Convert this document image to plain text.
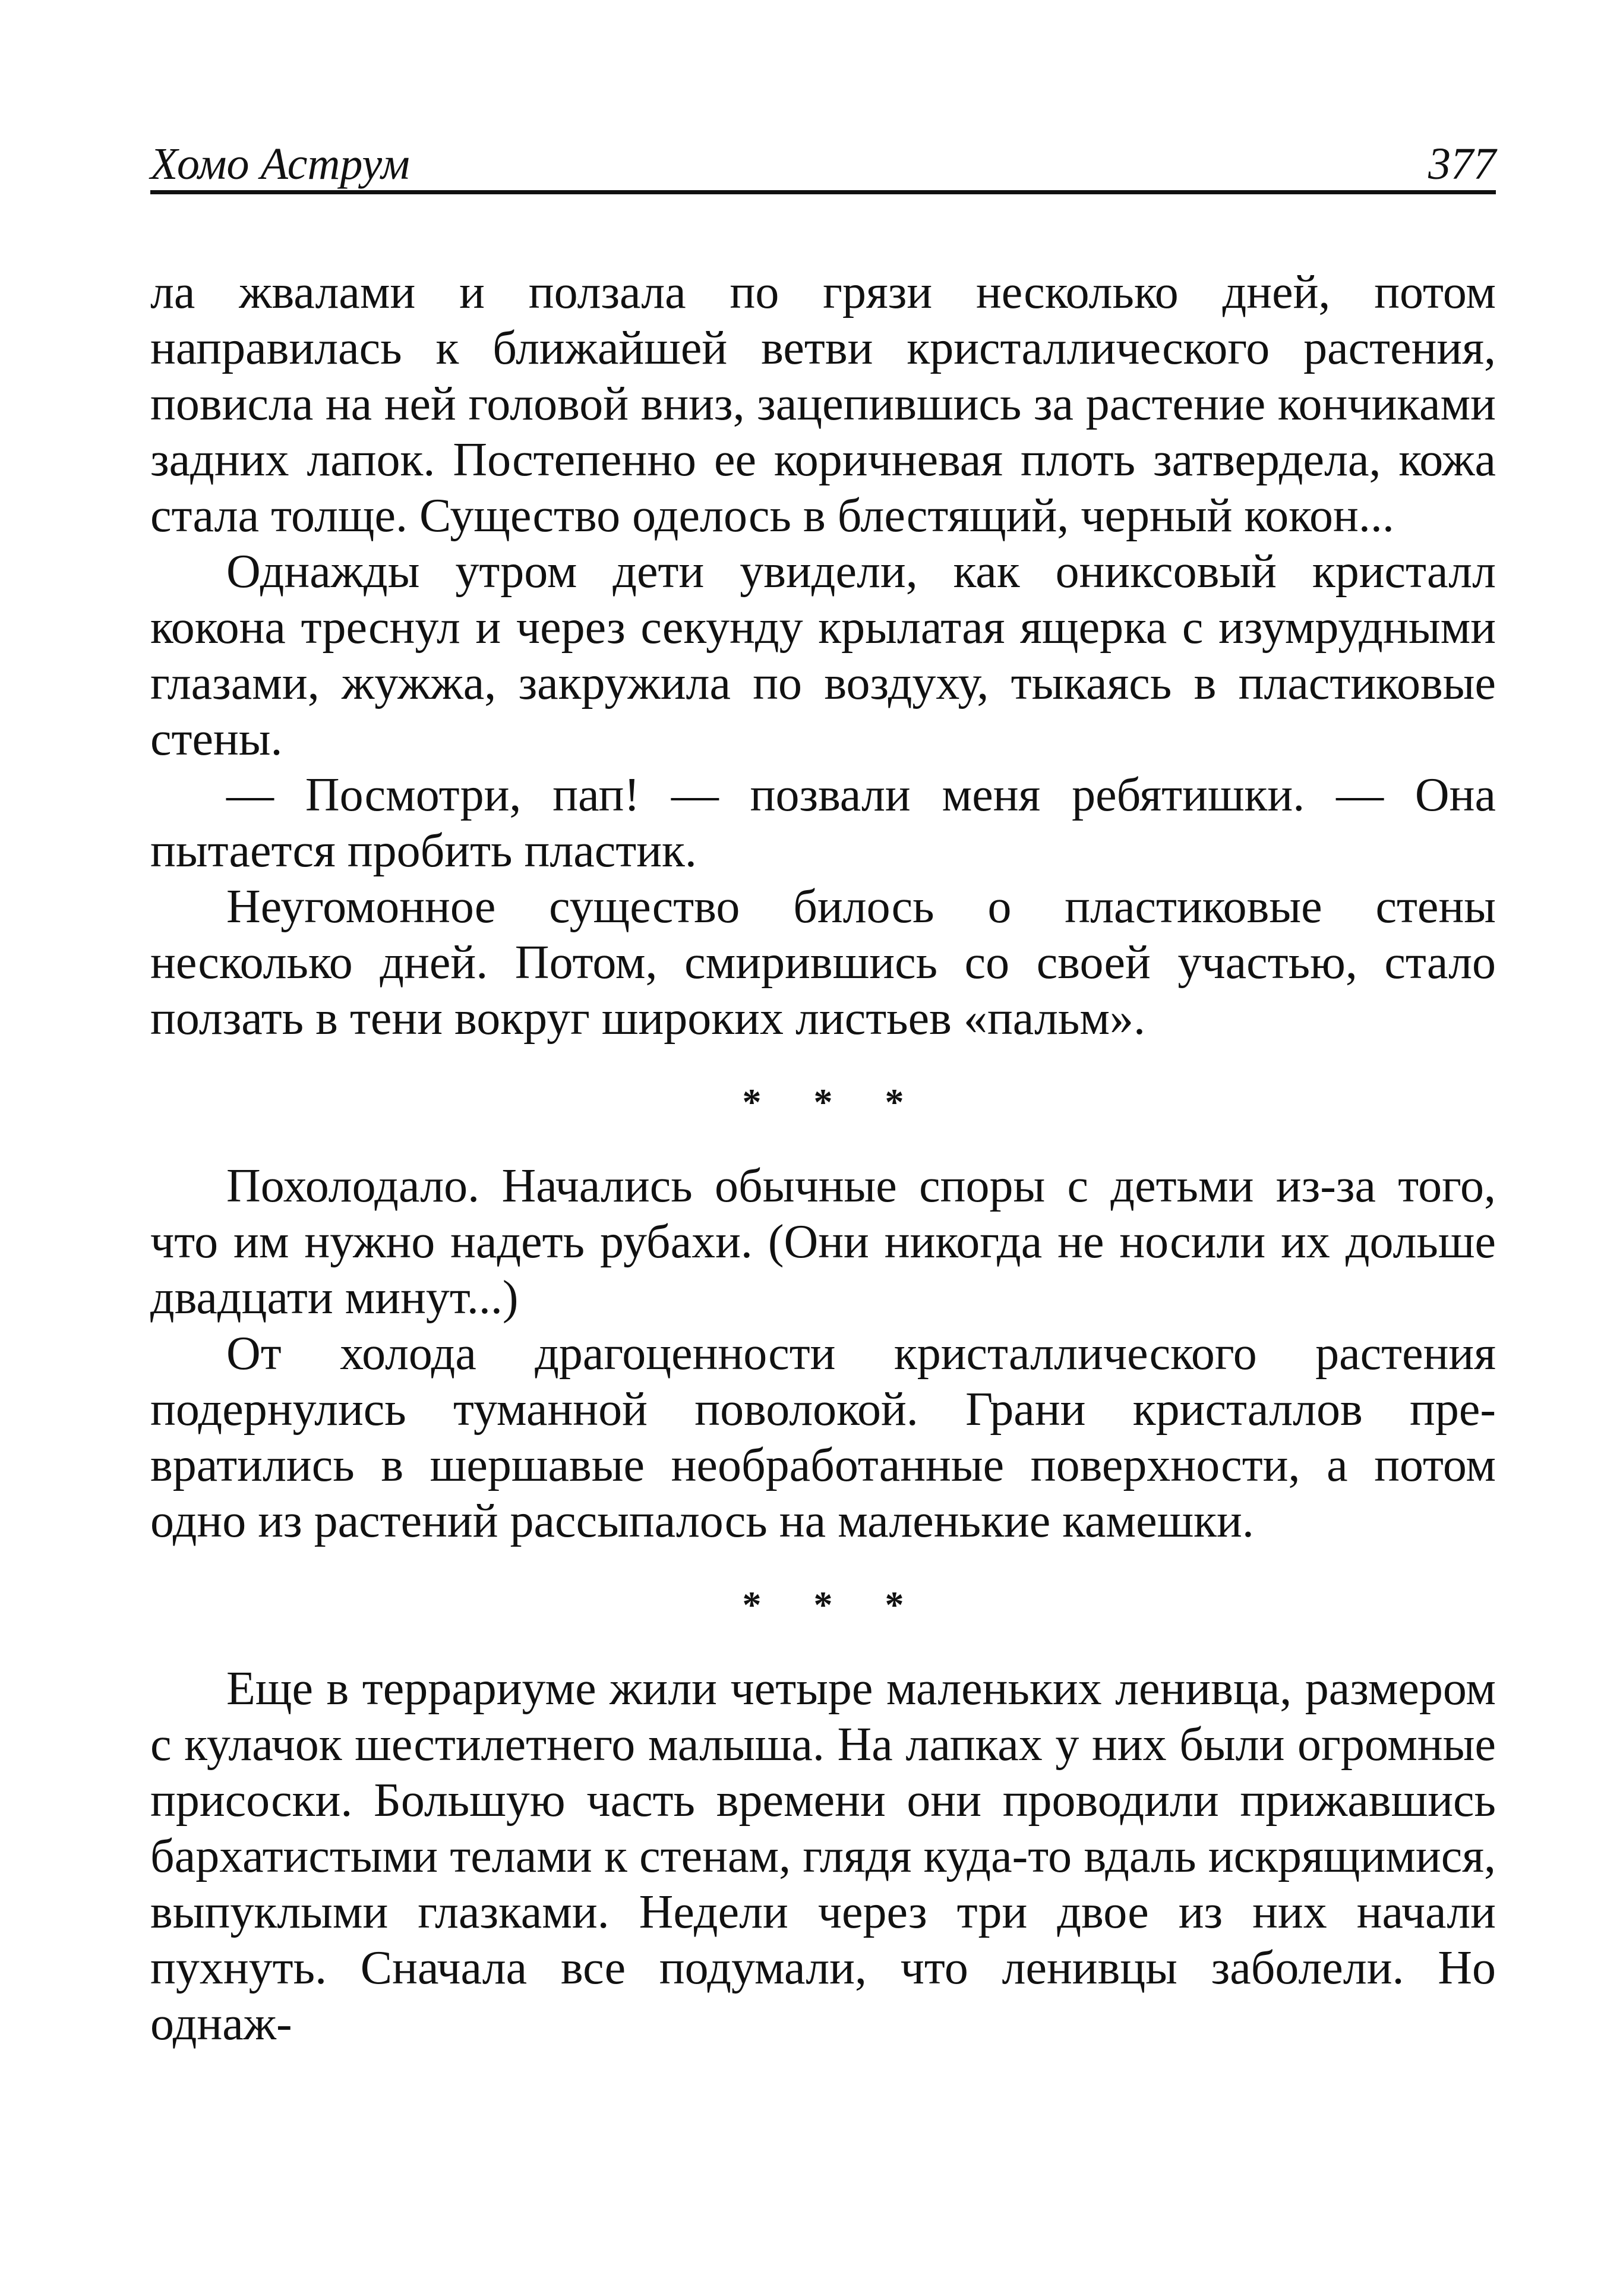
Хомо Аструм	377

ла жвалами и ползала по грязи несколько дней, потом направилась к ближайшей ветви кристаллического растения, повисла на ней головой вниз, зацепившись за растение кончиками задних лапок. Постепенно ее коричневая плоть затвердела, кожа стала толще. Существо оделось в блестящий, черный кокон...

Однажды утром дети увидели, как ониксовый кристалл кокона треснул и через секунду крылатая ящерка с изумрудными глазами, жужжа, закружила по воздуху, тыкаясь в пластиковые стены.

— Посмотри, пап! — позвали меня ребятишки. — Она пытается пробить пластик.

Неугомонное существо билось о пластиковые стены несколько дней. Потом, смирившись со своей участью, стало ползать в тени вокруг широких листьев «пальм».

* * *

Похолодало. Начались обычные споры с детьми из-за того, что им нужно надеть рубахи. (Они никогда не носили их дольше двадцати минут...)

От холода драгоценности кристаллического растения подернулись туманной поволокой. Грани кристаллов превратились в шершавые необработанные поверхности, а потом одно из растений рассыпалось на маленькие камешки.

* * *

Еще в террариуме жили четыре маленьких ленивца, размером с кулачок шестилетнего малыша. На лапках у них были огромные присоски. Большую часть времени они проводили прижавшись бархатистыми телами к стенам, глядя куда-то вдаль искрящимися, выпуклыми глазками. Недели через три двое из них начали пухнуть. Сначала все подумали, что ленивцы заболели. Но однаж-
